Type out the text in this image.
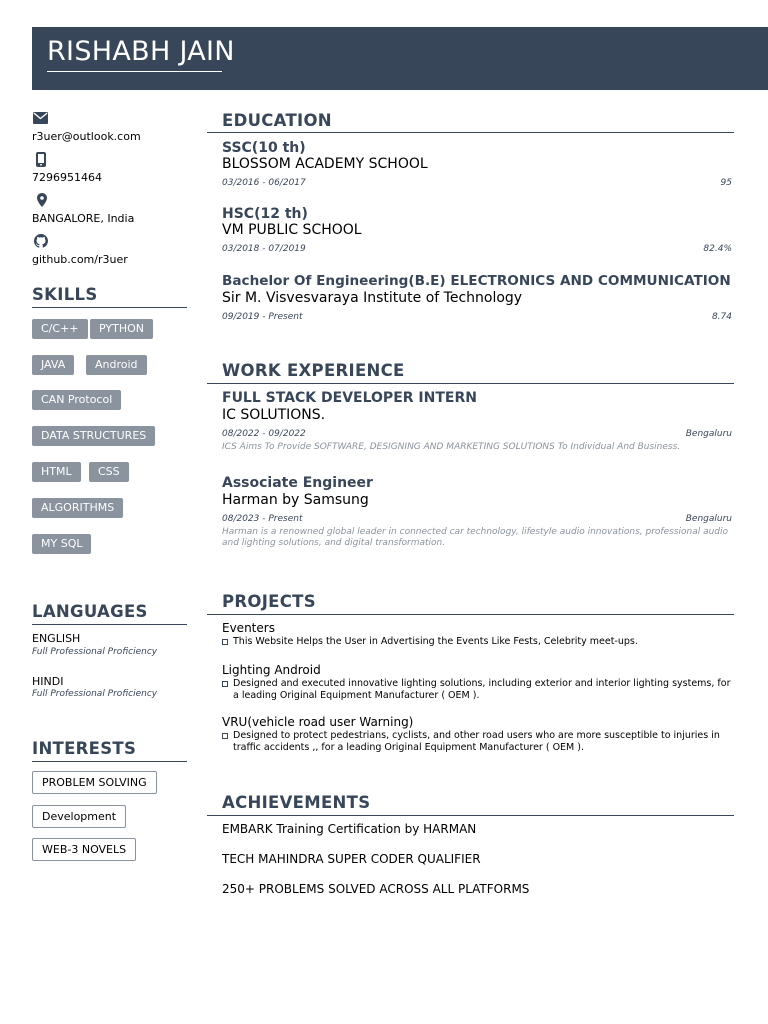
RISHABH JAIN
r3uer@outlook.com
7296951464
BANGALORE, India
github.com/r3uer
SKILLS
C/C++	PYTHON
JAVA	Android
CAN Protocol
DATA STRUCTURES
HTML	CSS
ALGORITHMS
MY SQL
LANGUAGES
ENGLISH
Full Professional Proficiency
HINDI
Full Professional Proficiency
INTERESTS
PROBLEM SOLVING
Development
WEB-3 NOVELS
EDUCATION
SSC(10 th)
BLOSSOM ACADEMY SCHOOL
03/2016 - 06/2017	95
HSC(12 th)
VM PUBLIC SCHOOL
03/2018 - 07/2019	82.4%
Bachelor Of Engineering(B.E) ELECTRONICS AND COMMUNICATION
Sir M. Visvesvaraya Institute of Technology
09/2019 - Present	8.74
WORK EXPERIENCE
FULL STACK DEVELOPER INTERN
IC SOLUTIONS.
08/2022 - 09/2022	Bengaluru
ICS Aims To Provide SOFTWARE, DESIGNING AND MARKETING SOLUTIONS To Individual And Business.
Associate Engineer
Harman by Samsung
08/2023 - Present	Bengaluru
Harman is a renowned global leader in connected car technology, lifestyle audio innovations, professional audio and lighting solutions, and digital transformation.
PROJECTS
Eventers
This Website Helps the User in Advertising the Events Like Fests, Celebrity meet-ups.
Lighting Android
Designed and executed innovative lighting solutions, including exterior and interior lighting systems, for a leading Original Equipment Manufacturer ( OEM ).
VRU(vehicle road user Warning)
Designed to protect pedestrians, cyclists, and other road users who are more susceptible to injuries in traffic accidents ,, for a leading Original Equipment Manufacturer ( OEM ).
ACHIEVEMENTS
EMBARK Training Certification by HARMAN
TECH MAHINDRA SUPER CODER QUALIFIER
250+ PROBLEMS SOLVED ACROSS ALL PLATFORMS
